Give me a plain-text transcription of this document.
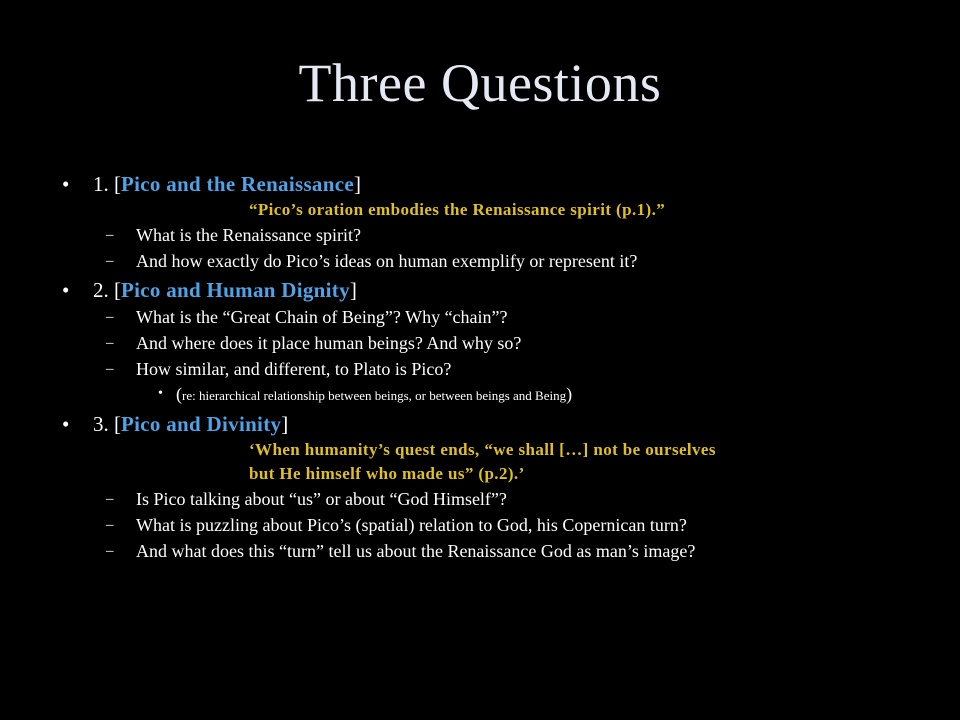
Three Questions
• 1. [Pico and the Renaissance]
“Pico’s oration embodies the Renaissance spirit (p.1).”
– What is the Renaissance spirit?
– And how exactly do Pico’s ideas on human exemplify or represent it?
• 2. [Pico and Human Dignity]
– What is the “Great Chain of Being”? Why “chain”?
– And where does it place human beings? And why so?
– How similar, and different, to Plato is Pico?
• (re: hierarchical relationship between beings, or between beings and Being)
• 3. [Pico and Divinity]
‘When humanity’s quest ends, “we shall […] not be ourselves
but He himself who made us” (p.2).’
– Is Pico talking about “us” or about “God Himself”?
– What is puzzling about Pico’s (spatial) relation to God, his Copernican turn?
– And what does this “turn” tell us about the Renaissance God as man’s image?
